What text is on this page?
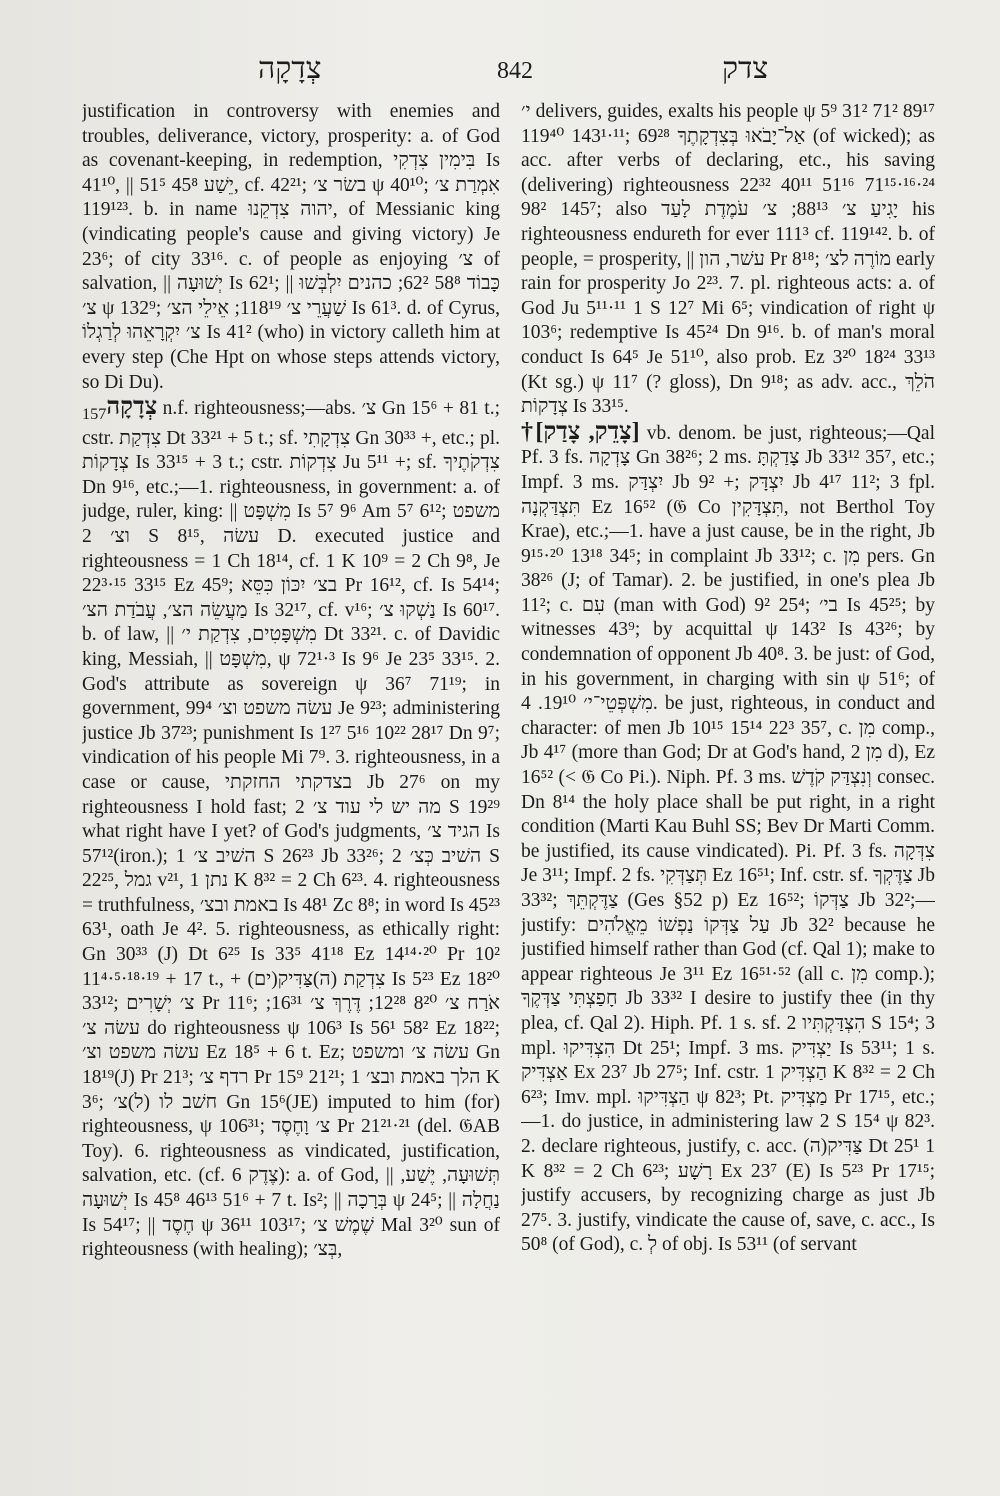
צְדָקָה	842	צדק

justification in controversy with enemies and troubles, deliverance, victory, prosperity: a. of God as covenant-keeping, in redemption, בִּימִין צִדְקִי Is 41¹⁰, || יֵשַׁע 45⁸ 51⁵, cf. 42²¹; בשׂר צ׳ ψ 40¹⁰; אִמְרַת צ׳ 119¹²³. b. in name יהוה צִדְקֵנוּ, of Messianic king (vindicating people's cause and giving victory) Je 23⁶; of city 33¹⁶. c. of people as enjoying צ׳ of salvation, || יְשׁוּעָה Is 62¹; || כָּבוֹד 58⁸ 62²; כהנים יִלְבְּשׁוּ צ׳ ψ 132⁹; שַׁעֲרֵי צ׳ 118¹⁹; אֵילֵי הצ׳ Is 61³. d. of Cyrus, צ׳ יִקְרָאֵהוּ לְרַגְלוֹ Is 41² (who) in victory calleth him at every step (Che Hpt on whose steps attends victory, so Di Du).

צְדָקָה$_{157}$	n.f. righteousness;—abs. צ׳ Gn 15⁶ + 81 t.; cstr. צִדְקַת Dt 33²¹ + 5 t.; sf. צִדְקָתִי Gn 30³³ +, etc.; pl. צְדָקוֹת Is 33¹⁵ + 3 t.; cstr. צִדְקוֹת Ju 5¹¹ +; sf. צִדְקֹתֶיךָ Dn 9¹⁶, etc.;—1. righteousness, in government: a. of judge, ruler, king: || מִשְׁפָּט Is 5⁷ 9⁶ Am 5⁷ 6¹²; משפט וצ׳ 2 S 8¹⁵, עשׂה D. executed justice and righteousness = 1 Ch 18¹⁴, cf. 1 K 10⁹ = 2 Ch 9⁸, Je 22³·¹⁵ 33¹⁵ Ez 45⁹; בצ׳ יִכּוֹן כִּסֵּא Pr 16¹², cf. Is 54¹⁴; מַעֲשֵׂה הצ׳, עֲבֹדַת הצ׳ Is 32¹⁷, cf. v¹⁶; נַשְׁקוּ צ׳ Is 60¹⁷. b. of law, || מִשְׁפָּטִים, צִדְקַת י׳ Dt 33²¹. c. of Davidic king, Messiah, || מִשְׁפָּט, ψ 72¹·³ Is 9⁶ Je 23⁵ 33¹⁵. 2. God's attribute as sovereign ψ 36⁷ 71¹⁹; in government, עשׂה משפט וצ׳ 99⁴ Je 9²³; administering justice Jb 37²³; punishment Is 1²⁷ 5¹⁶ 10²² 28¹⁷ Dn 9⁷; vindication of his people Mi 7⁹. 3. righteousness, in a case or cause, בצדקתי החזקתי Jb 27⁶ on my righteousness I hold fast; מה יש לי עוד צ׳ 2 S 19²⁹ what right have I yet? of God's judgments, הגיד צ׳ Is 57¹²(iron.); השׁיב צ׳ 1 S 26²³ Jb 33²⁶; השׁיב כְּצ׳ 2 S 22²⁵, גמל v²¹, נתן 1 K 8³² = 2 Ch 6²³. 4. righteousness = truthfulness, באמת ובצ׳ Is 48¹ Zc 8⁸; in word Is 45²³ 63¹, oath Je 4². 5. righteousness, as ethically right: Gn 30³³ (J) Dt 6²⁵ Is 33⁵ 41¹⁸ Ez 14¹⁴·²⁰ Pr 10² 11⁴·⁵·¹⁸·¹⁹ + 17 t., + צִדְקַת (ה)צַּדִּיק(ים) Is 5²³ Ez 18²⁰ 33¹²; צ׳ יְשָׁרִים Pr 11⁶; אֹרַח צ׳ 8²⁰ 12²⁸; דֶּרֶךְ צ׳ 16³¹; עשׂה צ׳ do righteousness ψ 106³ Is 56¹ 58² Ez 18²²; עשׂה משפט וצ׳ Ez 18⁵ + 6 t. Ez; עשׂה צ׳ ומשפט Gn 18¹⁹(J) Pr 21³; רדף צ׳ Pr 15⁹ 21²¹; הלך באמת ובצ׳ 1 K 3⁶; חשׁב לו (ל)צ׳ Gn 15⁶(JE) imputed to him (for) righteousness, ψ 106³¹; צ׳ וָחֶסֶד Pr 21²¹·²¹ (del. 𝔊AB Toy). 6. righteousness as vindicated, justification, salvation, etc. (cf. צֶדֶק 6): a. of God, || תְּשׁוּעָה, יֶשַׁע, יְשׁוּעָה Is 45⁸ 46¹³ 51⁶ + 7 t. Is²; || בְּרָכָה ψ 24⁵; || נַחֲלָה Is 54¹⁷; || חֶסֶד ψ 36¹¹ 103¹⁷; שֶׁמֶשׁ צ׳ Mal 3²⁰ sun of righteousness (with healing); בְּצ׳,

י׳ delivers, guides, exalts his people ψ 5⁹ 31² 71² 89¹⁷ 119⁴⁰ 143¹·¹¹; אַל־יָבֹאוּ בְּצִדְקָתֶךָ 69²⁸ (of wicked); as acc. after verbs of declaring, etc., his saving (delivering) righteousness 22³² 40¹¹ 51¹⁶ 71¹⁵·¹⁶·²⁴ 98² 145⁷; also יָגִיעַ צ׳ 88¹³; צ׳ עֹמֶדֶת לָעַד his righteousness endureth for ever 111³ cf. 119¹⁴². b. of people, = prosperity, || עשׁר, הון Pr 8¹⁸; מוֹרֶה לצ׳ early rain for prosperity Jo 2²³. 7. pl. righteous acts: a. of God Ju 5¹¹·¹¹ 1 S 12⁷ Mi 6⁵; vindication of right ψ 103⁶; redemptive Is 45²⁴ Dn 9¹⁶. b. of man's moral conduct Is 64⁵ Je 51¹⁰, also prob. Ez 3²⁰ 18²⁴ 33¹³ (Kt sg.) ψ 11⁷ (? gloss), Dn 9¹⁸; as adv. acc., הֹלֵךְ צְדָקוֹת Is 33¹⁵.

†[צָדֵק, צָדַק] vb. denom. be just, righteous;—Qal Pf. 3 fs. צָדְקָה Gn 38²⁶; 2 ms. צָדַקְתָּ Jb 33¹² 35⁷, etc.; Impf. 3 ms. יִצְדַּק Jb 9² +; יִצְדָּק Jb 4¹⁷ 11²; 3 fpl. תִּצְדַּקְנָה Ez 16⁵² (𝔊 Co תִּצְדָּקִין, not Berthol Toy Krae), etc.;—1. have a just cause, be in the right, Jb 9¹⁵·²⁰ 13¹⁸ 34⁵; in complaint Jb 33¹²; c. מִן pers. Gn 38²⁶ (J; of Tamar). 2. be justified, in one's plea Jb 11²; c. עִם (man with God) 9² 25⁴; בי׳ Is 45²⁵; by witnesses 43⁹; by acquittal ψ 143² Is 43²⁶; by condemnation of opponent Jb 40⁸. 3. be just: of God, in his government, in charging with sin ψ 51⁶; of מִשְׁפְּטֵי־י׳ 19¹⁰. 4. be just, righteous, in conduct and character: of men Jb 10¹⁵ 15¹⁴ 22³ 35⁷, c. מִן comp., Jb 4¹⁷ (more than God; Dr at God's hand, מִן 2 d), Ez 16⁵² (< 𝔊 Co Pi.). Niph. Pf. 3 ms. וְנִצְדַּק קֹדֶשׁ consec. Dn 8¹⁴ the holy place shall be put right, in a right condition (Marti Kau Buhl SS; Bev Dr Marti Comm. be justified, its cause vindicated). Pi. Pf. 3 fs. צִדְּקָה Je 3¹¹; Impf. 2 fs. תְּצַדְּקִי Ez 16⁵¹; Inf. cstr. sf. צַדֶּקְךָ Jb 33³²; צַדֶּקְתֵּךְ (Ges §52 p) Ez 16⁵²; צַדְּקוֹ Jb 32²;—justify: עַל צַדְּקוֹ נַפְשׁוֹ מֵאֱלֹהִים Jb 32² because he justified himself rather than God (cf. Qal 1); make to appear righteous Je 3¹¹ Ez 16⁵¹·⁵² (all c. מִן comp.); חָפַצְתִּי צַדְּקֶךָ Jb 33³² I desire to justify thee (in thy plea, cf. Qal 2). Hiph. Pf. 1 s. sf. הִצְדַּקְתִּיו 2 S 15⁴; 3 mpl. הִצְדִּיקוּ Dt 25¹; Impf. 3 ms. יַצְדִּיק Is 53¹¹; 1 s. אַצְדִּיק Ex 23⁷ Jb 27⁵; Inf. cstr. הַצְדִּיק 1 K 8³² = 2 Ch 6²³; Imv. mpl. הַצְדִּיקוּ ψ 82³; Pt. מַצְדִּיק Pr 17¹⁵, etc.;—1. do justice, in administering law 2 S 15⁴ ψ 82³. 2. declare righteous, justify, c. acc. (ה)צַּדִּיק Dt 25¹ 1 K 8³² = 2 Ch 6²³; רָשָׁע Ex 23⁷ (E) Is 5²³ Pr 17¹⁵; justify accusers, by recognizing charge as just Jb 27⁵. 3. justify, vindicate the cause of, save, c. acc., Is 50⁸ (of God), c. לְ of obj. Is 53¹¹ (of servant
